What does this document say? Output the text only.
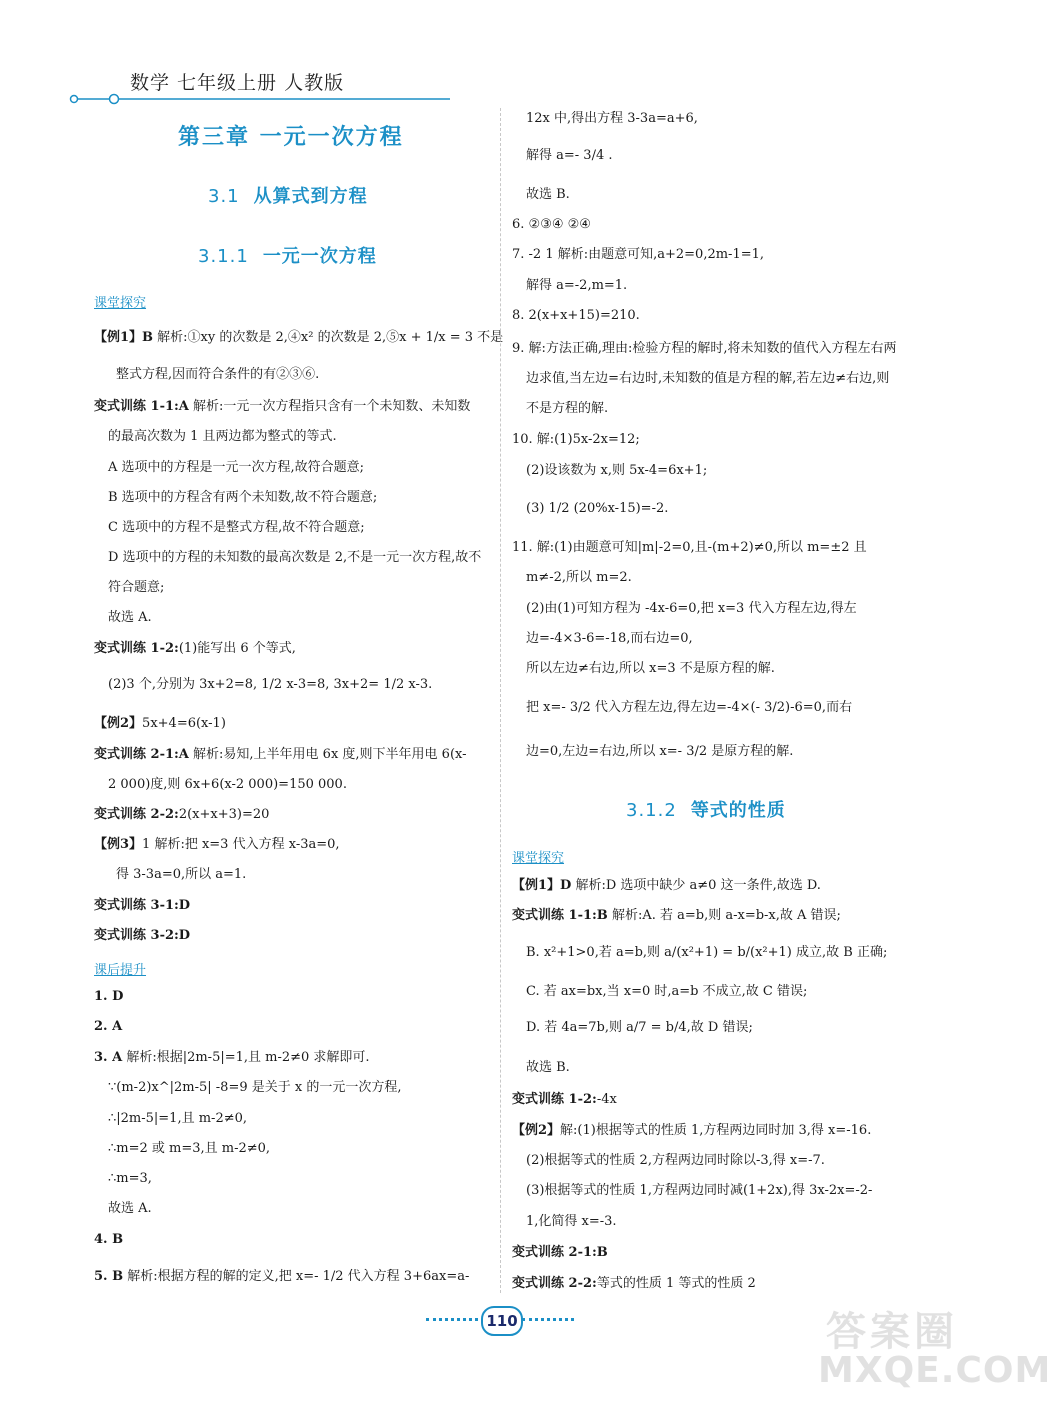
数学 七年级上册 人教版
第三章 一元一次方程
3.1 从算式到方程
3.1.1 一元一次方程
3.1.2 等式的性质
课堂探究
课后提升
课堂探究
【例1】B 解析:①xy 的次数是 2,④x² 的次数是 2,⑤x + 1/x = 3 不是
整式方程,因而符合条件的有②③⑥.
变式训练 1-1:A 解析:一元一次方程指只含有一个未知数、未知数
的最高次数为 1 且两边都为整式的等式.
A 选项中的方程是一元一次方程,故符合题意;
B 选项中的方程含有两个未知数,故不符合题意;
C 选项中的方程不是整式方程,故不符合题意;
D 选项中的方程的未知数的最高次数是 2,不是一元一次方程,故不
符合题意;
故选 A.
变式训练 1-2:(1)能写出 6 个等式,
(2)3 个,分别为 3x+2=8, 1/2 x-3=8, 3x+2= 1/2 x-3.
【例2】5x+4=6(x-1)
变式训练 2-1:A 解析:易知,上半年用电 6x 度,则下半年用电 6(x-
2 000)度,则 6x+6(x-2 000)=150 000.
变式训练 2-2:2(x+x+3)=20
【例3】1 解析:把 x=3 代入方程 x-3a=0,
得 3-3a=0,所以 a=1.
变式训练 3-1:D
变式训练 3-2:D
1. D
2. A
3. A 解析:根据|2m-5|=1,且 m-2≠0 求解即可.
∵(m-2)x^|2m-5| -8=9 是关于 x 的一元一次方程,
∴|2m-5|=1,且 m-2≠0,
∴m=2 或 m=3,且 m-2≠0,
∴m=3,
故选 A.
4. B
5. B 解析:根据方程的解的定义,把 x=- 1/2 代入方程 3+6ax=a-
12x 中,得出方程 3-3a=a+6,
解得 a=- 3/4 .
故选 B.
6. ②③④ ②④
7. -2 1 解析:由题意可知,a+2=0,2m-1=1,
解得 a=-2,m=1.
8. 2(x+x+15)=210.
9. 解:方法正确,理由:检验方程的解时,将未知数的值代入方程左右两
边求值,当左边=右边时,未知数的值是方程的解,若左边≠右边,则
不是方程的解.
10. 解:(1)5x-2x=12;
(2)设该数为 x,则 5x-4=6x+1;
(3) 1/2 (20%x-15)=-2.
11. 解:(1)由题意可知|m|-2=0,且-(m+2)≠0,所以 m=±2 且
m≠-2,所以 m=2.
(2)由(1)可知方程为 -4x-6=0,把 x=3 代入方程左边,得左
边=-4×3-6=-18,而右边=0,
所以左边≠右边,所以 x=3 不是原方程的解.
把 x=- 3/2 代入方程左边,得左边=-4×(- 3/2)-6=0,而右
边=0,左边=右边,所以 x=- 3/2 是原方程的解.
【例1】D 解析:D 选项中缺少 a≠0 这一条件,故选 D.
变式训练 1-1:B 解析:A. 若 a=b,则 a-x=b-x,故 A 错误;
B. x²+1>0,若 a=b,则 a/(x²+1) = b/(x²+1) 成立,故 B 正确;
C. 若 ax=bx,当 x=0 时,a=b 不成立,故 C 错误;
D. 若 4a=7b,则 a/7 = b/4,故 D 错误;
故选 B.
变式训练 1-2:-4x
【例2】解:(1)根据等式的性质 1,方程两边同时加 3,得 x=-16.
(2)根据等式的性质 2,方程两边同时除以-3,得 x=-7.
(3)根据等式的性质 1,方程两边同时减(1+2x),得 3x-2x=-2-
1,化简得 x=-3.
变式训练 2-1:B
变式训练 2-2:等式的性质 1 等式的性质 2
110	答案圈
MXQE.COM
